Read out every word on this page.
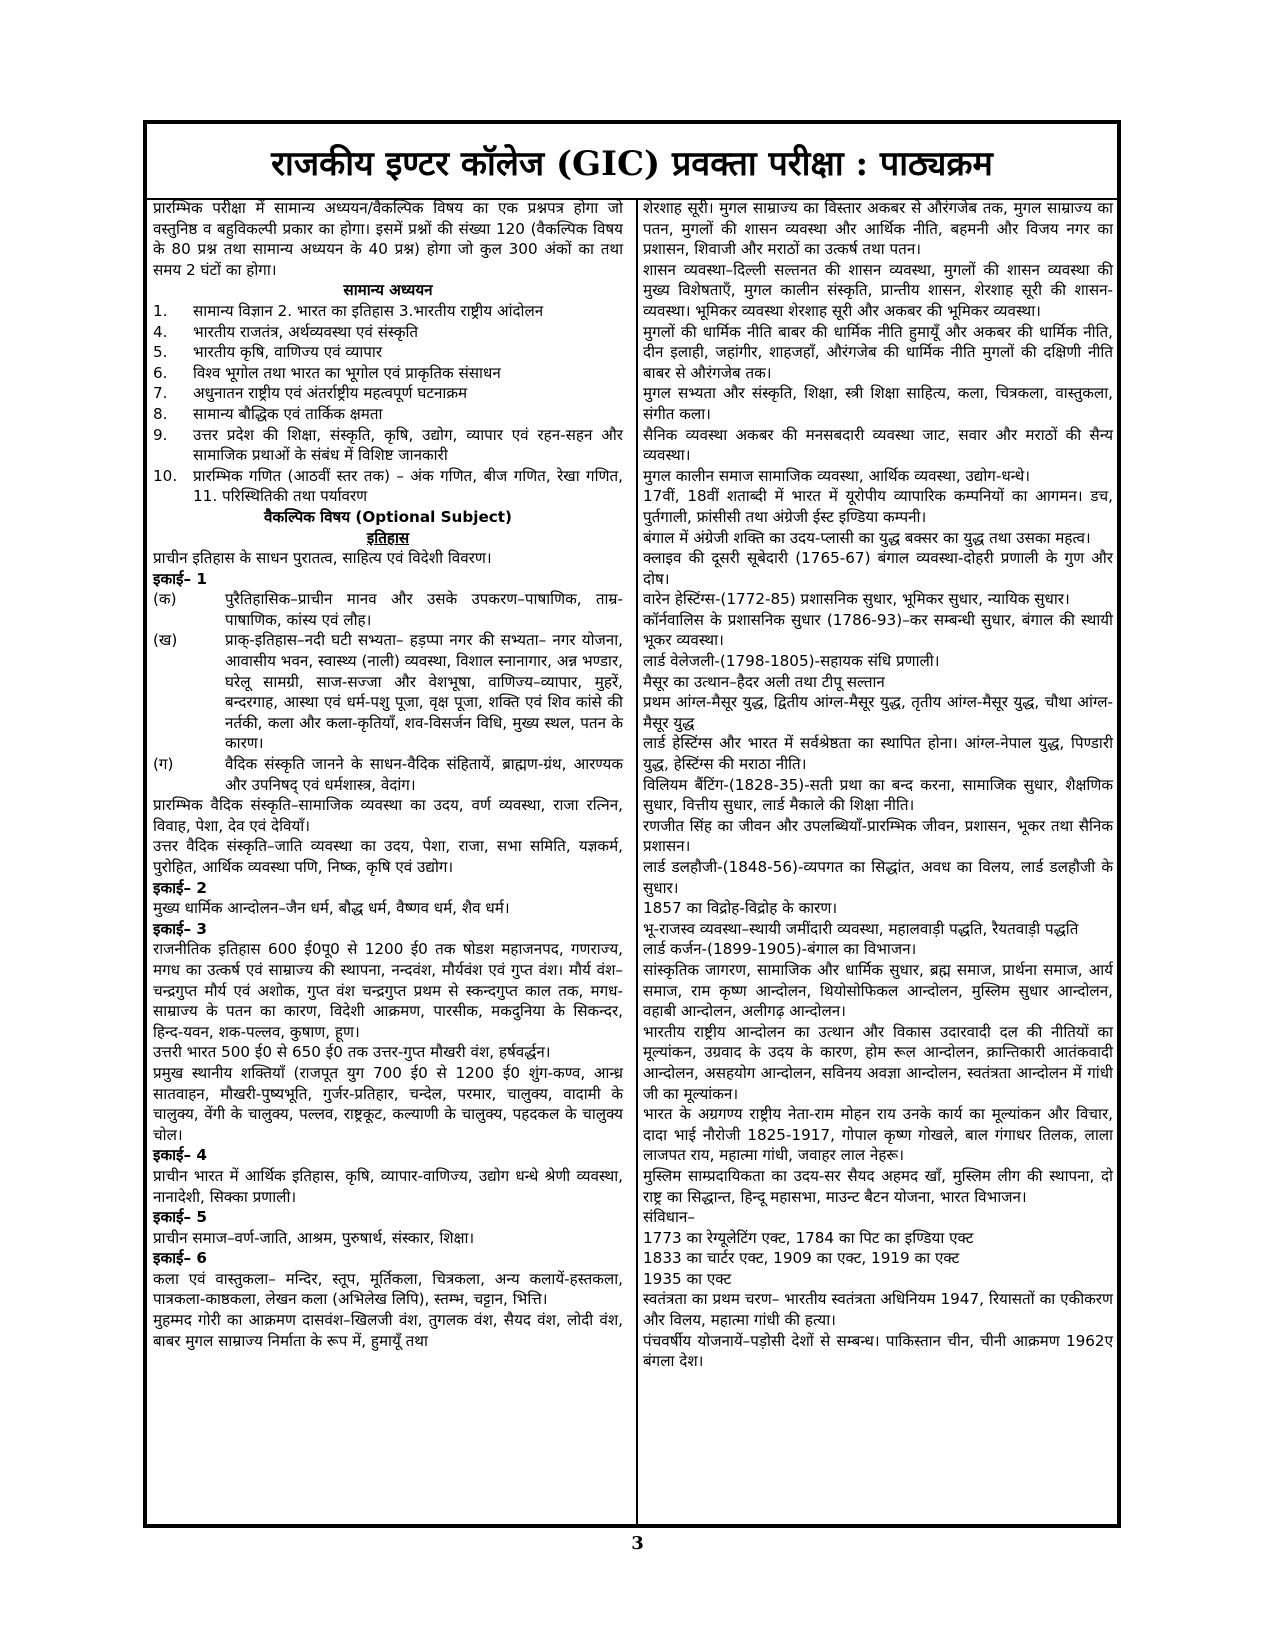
राजकीय इण्टर कॉलेज (GIC) प्रवक्ता परीक्षा : पाठ्यक्रम

प्रारम्भिक परीक्षा में सामान्य अध्ययन/वैकल्पिक विषय का एक प्रश्नपत्र होगा जो वस्तुनिष्ठ व बहुविकल्पी प्रकार का होगा। इसमें प्रश्नों की संख्या 120 (वैकल्पिक विषय के 80 प्रश्न तथा सामान्य अध्ययन के 40 प्रश्न) होगा जो कुल 300 अंकों का तथा समय 2 घंटों का होगा।

सामान्य अध्ययन

1.	सामान्य विज्ञान 2. भारत का इतिहास 3.भारतीय राष्ट्रीय आंदोलन
4.	भारतीय राजतंत्र, अर्थव्यवस्था एवं संस्कृति
5.	भारतीय कृषि, वाणिज्य एवं व्यापार
6.	विश्व भूगोल तथा भारत का भूगोल एवं प्राकृतिक संसाधन
7.	अधुनातन राष्ट्रीय एवं अंतर्राष्ट्रीय महत्वपूर्ण घटनाक्रम
8.	सामान्य बौद्धिक एवं तार्किक क्षमता
9.	उत्तर प्रदेश की शिक्षा, संस्कृति, कृषि, उद्योग, व्यापार एवं रहन-सहन और सामाजिक प्रथाओं के संबंध में विशिष्ट जानकारी
10.	प्रारम्भिक गणित (आठवीं स्तर तक) – अंक गणित, बीज गणित, रेखा गणित, 11. परिस्थितिकी तथा पर्यावरण

वैकल्पिक विषय (Optional Subject)

इतिहास

प्राचीन इतिहास के साधन पुरातत्व, साहित्य एवं विदेशी विवरण।

इकाई– 1

(क)	पुरैतिहासिक–प्राचीन मानव और उसके उपकरण–पाषाणिक, ताम्र-पाषाणिक, कांस्य एवं लौह।
(ख)	प्राक्-इतिहास–नदी घटी सभ्यता– हड़प्पा नगर की सभ्यता– नगर योजना, आवासीय भवन, स्वास्थ्य (नाली) व्यवस्था, विशाल स्नानागार, अन्न भण्डार, घरेलू सामग्री, साज-सज्जा और वेशभूषा, वाणिज्य–व्यापार, मुहरें, बन्दरगाह, आस्था एवं धर्म-पशु पूजा, वृक्ष पूजा, शक्ति एवं शिव कांसे की नर्तकी, कला और कला-कृतियाँ, शव-विसर्जन विधि, मुख्य स्थल, पतन के कारण।
(ग)	वैदिक संस्कृति जानने के साधन-वैदिक संहितायें, ब्राह्मण-ग्रंथ, आरण्यक और उपनिषद् एवं धर्मशास्त्र, वेदांग।

प्रारम्भिक वैदिक संस्कृति–सामाजिक व्यवस्था का उदय, वर्ण व्यवस्था, राजा रत्निन, विवाह, पेशा, देव एवं देवियाँ।

उत्तर वैदिक संस्कृति–जाति व्यवस्था का उदय, पेशा, राजा, सभा समिति, यज्ञकर्म, पुरोहित, आर्थिक व्यवस्था पणि, निष्क, कृषि एवं उद्योग।

इकाई– 2

मुख्य धार्मिक आन्दोलन–जैन धर्म, बौद्ध धर्म, वैष्णव धर्म, शैव धर्म।

इकाई– 3

राजनीतिक इतिहास 600 ई0पू0 से 1200 ई0 तक षोडश महाजनपद, गणराज्य, मगध का उत्कर्ष एवं साम्राज्य की स्थापना, नन्दवंश, मौर्यवंश एवं गुप्त वंश। मौर्य वंश– चन्द्रगुप्त मौर्य एवं अशोक, गुप्त वंश चन्द्रगुप्त प्रथम से स्कन्दगुप्त काल तक, मगध-साम्राज्य के पतन का कारण, विदेशी आक्रमण, पारसीक, मकदुनिया के सिकन्दर, हिन्द-यवन, शक-पल्लव, कुषाण, हूण।

उत्तरी भारत 500 ई0 से 650 ई0 तक उत्तर-गुप्त मौखरी वंश, हर्षवर्द्धन।

प्रमुख स्थानीय शक्तियाँ (राजपूत युग 700 ई0 से 1200 ई0 शुंग-कण्व, आन्ध्र सातवाहन, मौखरी-पुष्यभूति, गुर्जर-प्रतिहार, चन्देल, परमार, चालुक्य, वादामी के चालुक्य, वेंगी के चालुक्य, पल्लव, राष्ट्रकूट, कल्याणी के चालुक्य, पहदकल के चालुक्य चोल।

इकाई– 4

प्राचीन भारत में आर्थिक इतिहास, कृषि, व्यापार-वाणिज्य, उद्योग धन्धे श्रेणी व्यवस्था, नानादेशी, सिक्का प्रणाली।

इकाई– 5

प्राचीन समाज–वर्ण-जाति, आश्रम, पुरुषार्थ, संस्कार, शिक्षा।

इकाई– 6

कला एवं वास्तुकला– मन्दिर, स्तूप, मूर्तिकला, चित्रकला, अन्य कलायें-हस्तकला, पात्रकला-काष्ठकला, लेखन कला (अभिलेख लिपि), स्तम्भ, चट्टान, भित्ति।

मुहम्मद गोरी का आक्रमण दासवंश–खिलजी वंश, तुगलक वंश, सैयद वंश, लोदी वंश, बाबर मुगल साम्राज्य निर्माता के रूप में, हुमायूँ तथा

शेरशाह सूरी। मुगल साम्राज्य का विस्तार अकबर से औरंगजेब तक, मुगल साम्राज्य का पतन, मुगलों की शासन व्यवस्था और आर्थिक नीति, बहमनी और विजय नगर का प्रशासन, शिवाजी और मराठों का उत्कर्ष तथा पतन।

शासन व्यवस्था–दिल्ली सल्तनत की शासन व्यवस्था, मुगलों की शासन व्यवस्था की मुख्य विशेषताएँ, मुगल कालीन संस्कृति, प्रान्तीय शासन, शेरशाह सूरी की शासन-व्यवस्था। भूमिकर व्यवस्था शेरशाह सूरी और अकबर की भूमिकर व्यवस्था।

मुगलों की धार्मिक नीति बाबर की धार्मिक नीति हुमायूँ और अकबर की धार्मिक नीति, दीन इलाही, जहांगीर, शाहजहाँ, औरंगजेब की धार्मिक नीति मुगलों की दक्षिणी नीति बाबर से औरंगजेब तक।

मुगल सभ्यता और संस्कृति, शिक्षा, स्त्री शिक्षा साहित्य, कला, चित्रकला, वास्तुकला, संगीत कला।

सैनिक व्यवस्था अकबर की मनसबदारी व्यवस्था जाट, सवार और मराठों की सैन्य व्यवस्था।

मुगल कालीन समाज सामाजिक व्यवस्था, आर्थिक व्यवस्था, उद्योग-धन्धे।

17वीं, 18वीं शताब्दी में भारत में यूरोपीय व्यापारिक कम्पनियों का आगमन। डच, पुर्तगाली, फ्रांसीसी तथा अंग्रेजी ईस्ट इण्डिया कम्पनी।

बंगाल में अंग्रेजी शक्ति का उदय-प्लासी का युद्ध बक्सर का युद्ध तथा उसका महत्व।

क्लाइव की दूसरी सूबेदारी (1765-67) बंगाल व्यवस्था-दोहरी प्रणाली के गुण और दोष।

वारेन हेस्टिंग्स-(1772-85) प्रशासनिक सुधार, भूमिकर सुधार, न्यायिक सुधार।

कॉर्नवालिस के प्रशासनिक सुधार (1786-93)–कर सम्बन्धी सुधार, बंगाल की स्थायी भूकर व्यवस्था।

लार्ड वेलेजली-(1798-1805)-सहायक संधि प्रणाली।

मैसूर का उत्थान–हैदर अली तथा टीपू सल्तान

प्रथम आंग्ल-मैसूर युद्ध, द्वितीय आंग्ल-मैसूर युद्ध, तृतीय आंग्ल-मैसूर युद्ध, चौथा आंग्ल-मैसूर युद्ध

लार्ड हेस्टिंग्स और भारत में सर्वश्रेष्ठता का स्थापित होना। आंग्ल-नेपाल युद्ध, पिण्डारी युद्ध, हेस्टिंग्स की मराठा नीति।

विलियम बैंटिंग-(1828-35)-सती प्रथा का बन्द करना, सामाजिक सुधार, शैक्षणिक सुधार, वित्तीय सुधार, लार्ड मैकाले की शिक्षा नीति।

रणजीत सिंह का जीवन और उपलब्धियाँ-प्रारम्भिक जीवन, प्रशासन, भूकर तथा सैनिक प्रशासन।

लार्ड डलहौजी-(1848-56)-व्यपगत का सिद्धांत, अवध का विलय, लार्ड डलहौजी के सुधार।

1857 का विद्रोह-विद्रोह के कारण।

भू-राजस्व व्यवस्था–स्थायी जमींदारी व्यवस्था, महालवाड़ी पद्धति, रैयतवाड़ी पद्धति

लार्ड कर्जन-(1899-1905)-बंगाल का विभाजन।

सांस्कृतिक जागरण, सामाजिक और धार्मिक सुधार, ब्रह्म समाज, प्रार्थना समाज, आर्य समाज, राम कृष्ण आन्दोलन, थियोसोफिकल आन्दोलन, मुस्लिम सुधार आन्दोलन, वहाबी आन्दोलन, अलीगढ़ आन्दोलन।

भारतीय राष्ट्रीय आन्दोलन का उत्थान और विकास उदारवादी दल की नीतियों का मूल्यांकन, उग्रवाद के उदय के कारण, होम रूल आन्दोलन, क्रान्तिकारी आतंकवादी आन्दोलन, असहयोग आन्दोलन, सविनय अवज्ञा आन्दोलन, स्वतंत्रता आन्दोलन में गांधी जी का मूल्यांकन।

भारत के अग्रगण्य राष्ट्रीय नेता-राम मोहन राय उनके कार्य का मूल्यांकन और विचार, दादा भाई नौरोजी 1825-1917, गोपाल कृष्ण गोखले, बाल गंगाधर तिलक, लाला लाजपत राय, महात्मा गांधी, जवाहर लाल नेहरू।

मुस्लिम साम्प्रदायिकता का उदय-सर सैयद अहमद खाँ, मुस्लिम लीग की स्थापना, दो राष्ट्र का सिद्धान्त, हिन्दू महासभा, माउन्ट बैटन योजना, भारत विभाजन।

संविधान–

1773 का रेग्यूलेटिंग एक्ट, 1784 का पिट का इण्डिया एक्ट

1833 का चार्टर एक्ट, 1909 का एक्ट, 1919 का एक्ट

1935 का एक्ट

स्वतंत्रता का प्रथम चरण– भारतीय स्वतंत्रता अधिनियम 1947, रियासतों का एकीकरण और विलय, महात्मा गांधी की हत्या।

पंचवर्षीय योजनायें–पड़ोसी देशों से सम्बन्ध। पाकिस्तान चीन, चीनी आक्रमण 1962ए बंगला देश।

3
